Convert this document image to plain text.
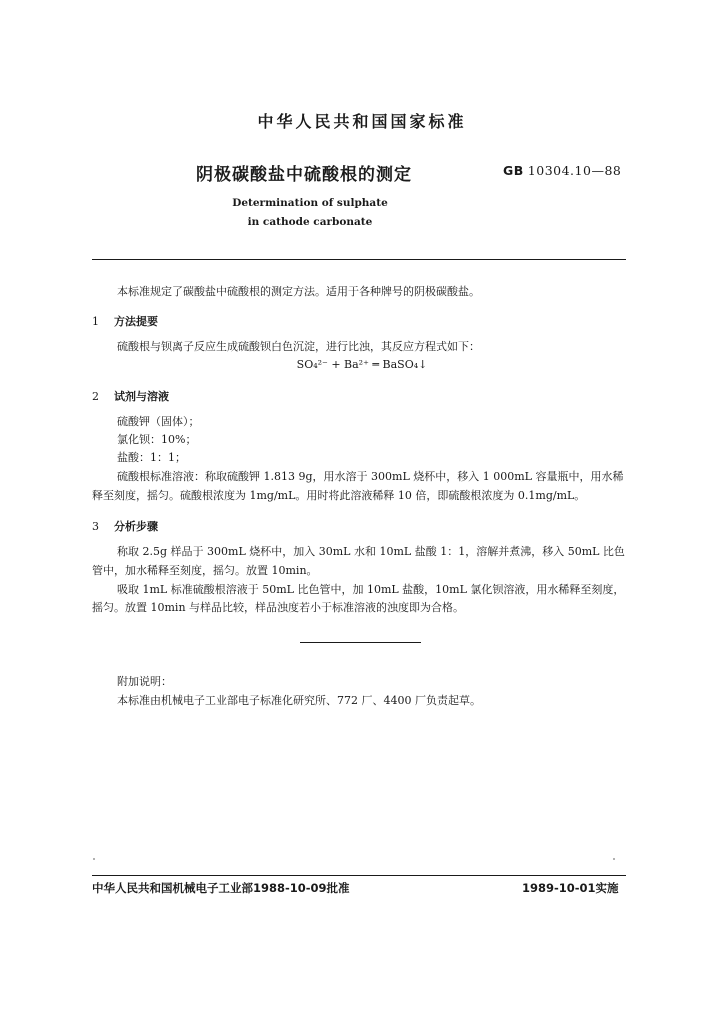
中华人民共和国国家标准
阴极碳酸盐中硫酸根的测定	GB 10304.10—88
Determination of sulphate
in cathode carbonate
本标准规定了碳酸盐中硫酸根的测定方法。适用于各种牌号的阴极碳酸盐。
1 方法提要
硫酸根与钡离子反应生成硫酸钡白色沉淀，进行比浊，其反应方程式如下：
SO₄²⁻ + Ba²⁺ ═ BaSO₄↓
2 试剂与溶液
硫酸钾（固体）；
氯化钡：10%；
盐酸：1：1；
硫酸根标准溶液：称取硫酸钾 1.813 9g，用水溶于 300mL 烧杯中，移入 1 000mL 容量瓶中，用水稀
释至刻度，摇匀。硫酸根浓度为 1mg/mL。用时将此溶液稀释 10 倍，即硫酸根浓度为 0.1mg/mL。
3 分析步骤
称取 2.5g 样品于 300mL 烧杯中，加入 30mL 水和 10mL 盐酸 1：1，溶解并煮沸，移入 50mL 比色
管中，加水稀释至刻度，摇匀。放置 10min。
吸取 1mL 标准硫酸根溶液于 50mL 比色管中，加 10mL 盐酸，10mL 氯化钡溶液，用水稀释至刻度，
摇匀。放置 10min 与样品比较，样品浊度若小于标准溶液的浊度即为合格。
附加说明：
本标准由机械电子工业部电子标准化研究所、772 厂、4400 厂负责起草。
中华人民共和国机械电子工业部1988-10-09批准	1989-10-01实施
